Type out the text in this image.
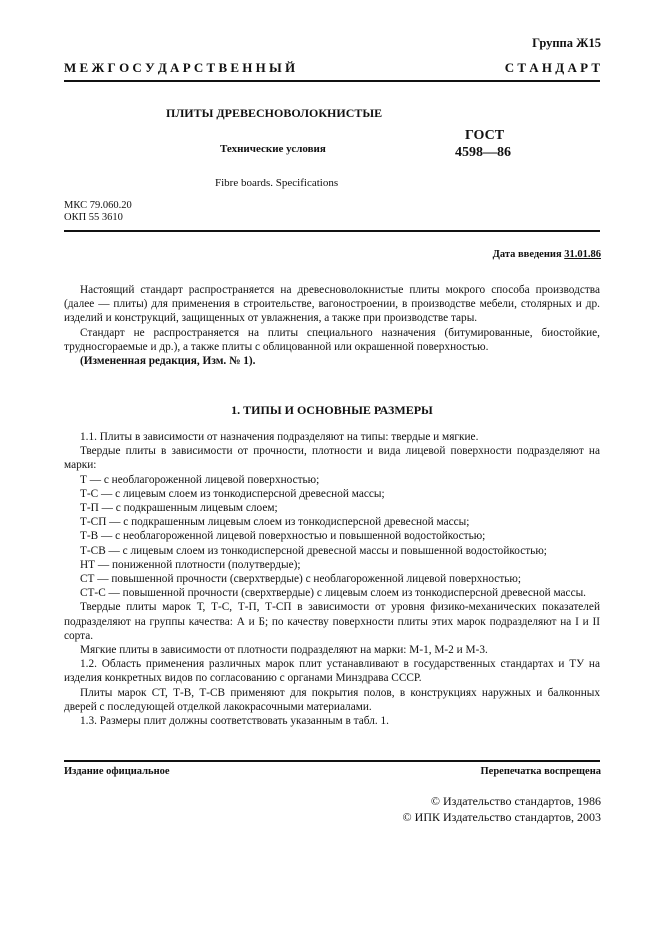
Группа Ж15
М Е Ж Г О С У Д А Р С Т В Е Н Н Ы Й	С Т А Н Д А Р Т
ПЛИТЫ ДРЕВЕСНОВОЛОКНИСТЫЕ
Технические условия
ГОСТ
4598—86
Fibre boards. Specifications
МКС 79.060.20
ОКП 55 3610
Дата введения 31.01.86

Настоящий стандарт распространяется на древесноволокнистые плиты мокрого способа производства (далее — плиты) для применения в строительстве, вагоностроении, в производстве мебели, столярных и др. изделий и конструкций, защищенных от увлажнения, а также при производстве тары.

Стандарт не распространяется на плиты специального назначения (битумированные, биостойкие, трудносгораемые и др.), а также плиты с облицованной или окрашенной поверхностью.

(Измененная редакция, Изм. № 1).

1. ТИПЫ И ОСНОВНЫЕ РАЗМЕРЫ

1.1. Плиты в зависимости от назначения подразделяют на типы: твердые и мягкие.

Твердые плиты в зависимости от прочности, плотности и вида лицевой поверхности подразделяют на марки:

Т — с необлагороженной лицевой поверхностью;

Т-С — с лицевым слоем из тонкодисперсной древесной массы;

Т-П — с подкрашенным лицевым слоем;

Т-СП — с подкрашенным лицевым слоем из тонкодисперсной древесной массы;

Т-В — с необлагороженной лицевой поверхностью и повышенной водостойкостью;

Т-СВ — с лицевым слоем из тонкодисперсной древесной массы и повышенной водостойкостью;

НТ — пониженной плотности (полутвердые);

СТ — повышенной прочности (сверхтвердые) с необлагороженной лицевой поверхностью;

СТ-С — повышенной прочности (сверхтвердые) с лицевым слоем из тонкодисперсной древесной массы.

Твердые плиты марок Т, Т-С, Т-П, Т-СП в зависимости от уровня физико-механических показателей подразделяют на группы качества: А и Б; по качеству поверхности плиты этих марок подразделяют на I и II сорта.

Мягкие плиты в зависимости от плотности подразделяют на марки: М-1, М-2 и М-3.

1.2. Область применения различных марок плит устанавливают в государственных стандартах и ТУ на изделия конкретных видов по согласованию с органами Минздрава СССР.

Плиты марок СТ, Т-В, Т-СВ применяют для покрытия полов, в конструкциях наружных и балконных дверей с последующей отделкой лакокрасочными материалами.

1.3. Размеры плит должны соответствовать указанным в табл. 1.

Издание официальное	Перепечатка воспрещена
© Издательство стандартов, 1986
© ИПК Издательство стандартов, 2003
